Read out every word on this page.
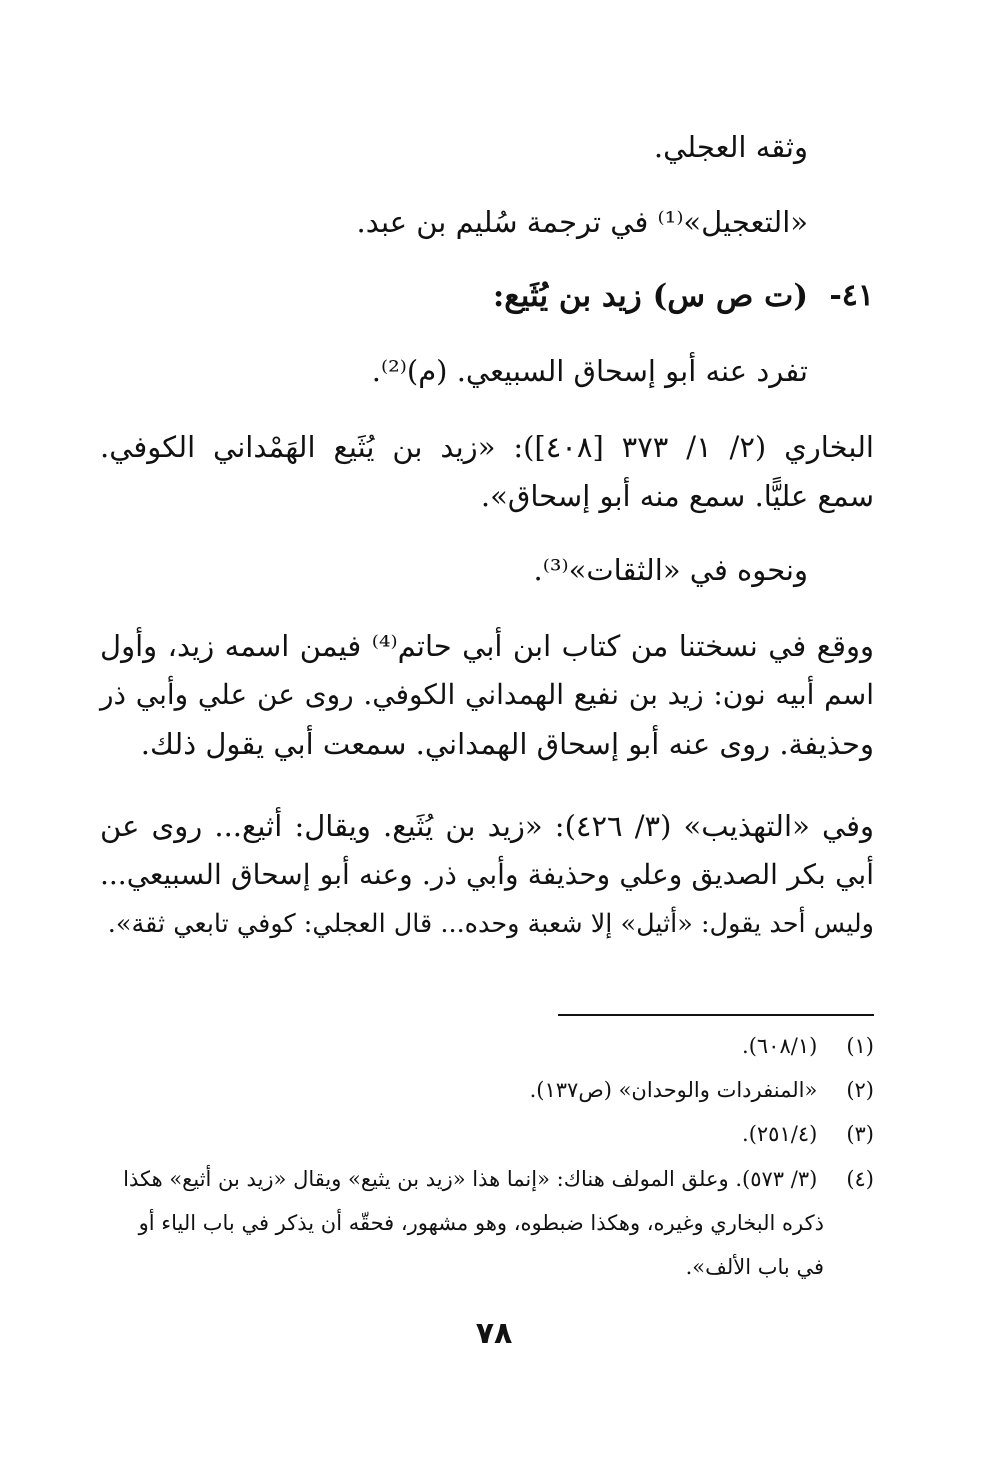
وثقه العجلي.
«التعجيل»⁽¹⁾ في ترجمة سُليم بن عبد.
٤١-
(ت ص س) زيد بن يُثَيع:
تفرد عنه أبو إسحاق السبيعي. (م)⁽²⁾.
البخاري (٢/ ١/ ٣٧٣ [٤٠٨]): «زيد بن يُثَيع الهَمْداني الكوفي.
سمع عليًّا. سمع منه أبو إسحاق».
ونحوه في «الثقات»⁽³⁾.
ووقع في نسختنا من كتاب ابن أبي حاتم⁽⁴⁾ فيمن اسمه زيد، وأول
اسم أبيه نون: زيد بن نفيع الهمداني الكوفي. روى عن علي وأبي ذر
وحذيفة. روى عنه أبو إسحاق الهمداني. سمعت أبي يقول ذلك.
وفي «التهذيب» (٣/ ٤٢٦): «زيد بن يُثَيع. ويقال: أثيع... روى عن
أبي بكر الصديق وعلي وحذيفة وأبي ذر. وعنه أبو إسحاق السبيعي...
وليس أحد يقول: «أثيل» إلا شعبة وحده... قال العجلي: كوفي تابعي ثقة».
(١) (٦٠٨/١).
(٢) «المنفردات والوحدان» (ص١٣٧).
(٣) (٢٥١/٤).
(٤) (٣/ ٥٧٣). وعلق المولف هناك: «إنما هذا «زيد بن يثيع» ويقال «زيد بن أثيع» هكذا
ذكره البخاري وغيره، وهكذا ضبطوه، وهو مشهور، فحقّه أن يذكر في باب الياء أو
في باب الألف».
٧٨
